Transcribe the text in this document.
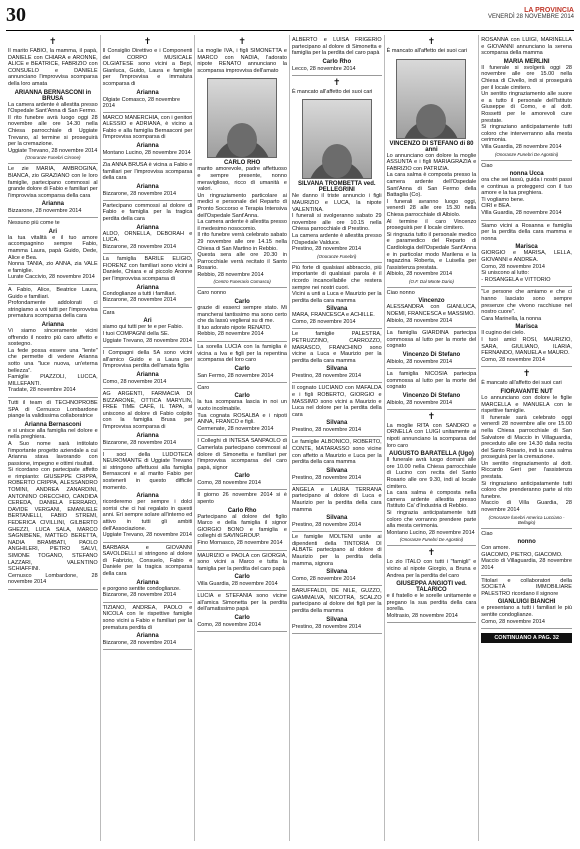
30	LA PROVINCIA
VENERDÌ 28 NOVEMBRE 2014
✝

Il marito FABIO, la mamma, il papà, DANIELE con CHIARA e ARONNE, ALICE e BEATRICE, FABRIZIO con CONSUELO e DANIELE annunciano l'improvvisa scomparsa della loro amata

ARIANNA BERNASCONI in BRUSA

La camera ardente è allestita presso l'Ospedale Sant'Anna di San Fermo.
Il rito funebre avrà luogo oggi 28 novembre alle ore 14.30 nella Chiesa parrocchiale di Uggiate Trevano, al termine si proseguirà per la cremazione.
Uggiate Trevano, 28 novembre 2014

(Onoranze Funebri Cirrone)

Le zie MARIA, AMBROGINA, BIANCA, zio GRAZIANO con le loro famiglie, partecipano commossi al grande dolore di Fabio e familiari per l'improvvisa scomparsa della cara

Arianna
Bizzarone, 28 novembre 2014

Nessuno più come te

Ari

la tua vitalità e il tuo amore accompagnino sempre Fabio, mamma Laura, papà Guido, Dede, Alice e Bea.
Nonna TANIA, zio ANNA, zia VALE e famiglie.
Lurate Caccivio, 28 novembre 2014

A Fabio, Alice, Beatrice Laura, Guido e familiari.
Profondamente addolorati ci stringiamo a voi tutti per l'improvvisa prematura scomparsa della cara

Arianna

Vi siamo sinceramente vicini offrendo il nostro più caro affetto e sostegno.
La fede possa essere una "lente" che permette di vedere Arianna sotto una "luce nuova, un'eterna bellezza".
Famiglie PIAZZOLI, LUCCA, MILLEFANTI.
Tradate, 28 novembre 2014

Tutti il team di TECHNOPROBE SPA di Cernusco Lombardone piange la validissima collaboratrice

Arianna Bernasconi

e si unisce alla famiglia nel dolore e nella preghiera.
A Suo nome sarà intitolato l'importante progetto aziendale a cui Arianna stava lavorando con passione, impegno e ottimi risultati.
Si ricordano con partecipate affetto e rimpianto: GIUSEPPE CRIPPA, ROBERTO CRIPPA, ALESSANDRO TOMINI, ANDREA ZANARDINI, ANTONINO ORECCHIO, CANDIDA CEREDA, DANIELA FERRARO, DAVIDE VERGANI, EMANUELE BERTANELLI, FABIO STREMI, FEDERICA CIVILLINI, GILBERTO GHEZZI, LUCA SALA, MARCO SAGNIBENE, MATTEO BERETTA, NADIA BRAMBATI, PAOLO ANGHILERI, PIETRO SALVI, SIMONE TOGANO, STEFANO LAZZARI, VALENTINO SCHIAFFINI.
Cernusco Lombardone, 28 novembre 2014

✝

Il Consiglio Direttivo e i Componenti del CORPO MUSICALE OLGIATESE sono vicini a Bepi, Gianluca, Guido, Laura e famiglie per l'improvvisa e immatura scomparsa di

Arianna
Olgiate Comasco, 28 novembre 2014

MARCO MANERCHIA, con i genitori ALESSIO e ADRIANA, è vicino a Fabio e alla famiglia Bernasconi per l'improvvisa scomparsa di

Arianna
Montano Lucino, 28 novembre 2014

Zia ANNA BRUSA è vicina a Fabio e familiari per l'improvvisa scomparsa della cara

Arianna
Bizzarone, 28 novembre 2014

Partecipano commossi al dolore di Fabio e famiglia per la tragica perdita della cara

Arianna

ALDO, ORNELLA, DEBORAH e LUCA.
Bizzarone, 28 novembre 2014

La famiglia BARILE ELIGIO, FIORENZ con familiari sono vicini a Daniele, Chiara e al piccolo Aronne per l'improvvisa scomparsa di

Arianna

Condoglianze a tutti i familiari.
Bizzarone, 28 novembre 2014

Cara

Ari

siamo qui tutti per te e per Fabio.
I tuoi COMPAGNI della SE.
Uggiate Trevano, 28 novembre 2014

I Compagni della 5A sono vicini all'amico Guido e a Laura per l'improvvisa perdita dell'amata figlia

Arianna
Como, 28 novembre 2014

AG ARGENTI, FARMACIA DI BIZZARONE, OTTICA MARYLIN, FREE TIME CAFÈ, IL TAPA, si uniscono al dolore di Fabio colpito con la famiglia Brusa per l'improvvisa scomparsa di

Arianna
Bizzarone, 28 novembre 2014

I soci della LUDOTECA NEUROMANTE di Uggiate Trevano si stringono affettuosi alla famiglia Bernasconi e al marito Fabio per sostenerli in questo difficile momento.

Arianna

ricorderemo per sempre i dolci sorrisi che ci hai regalato in questi anni. Eri sempre solare all'interno ed attivo in tutti gli ambiti dell'Associazione.
Uggiate Trevano, 28 novembre 2014

BARBARA e GIOVANNI SAVOLDELLI si stringono al dolore di Fabrizio, Consuelo, Fabio e Daniele per la tragica scomparsa della cara

Arianna

e porgono sentite condoglianze.
Bizzarone, 28 novembre 2014

TIZIANO, ANDREA, PAOLO e NICOLA con le rispettive famiglie sono vicini a Fabio e familiari per la prematura perdita di

Arianna
Bizzarone, 28 novembre 2014
✝

La moglie IVA, i figli SIMONETTA e MARCO con NADIA, l'adorato nipote RENATO annunciano la scomparsa improvvisa dell'amato

CARLO RHO

marito amorevole, padre affettuoso e sempre presente, nonno meraviglioso, ricco di umanità e valori.
Un ringraziamento particolare ai medici e personale del Reparto di Pronto Soccorso e Terapia Intensiva dell'Ospedale Sant'Anna.
La camera ardente è allestita presso il medesimo nosocomio.
Il rito funebre verrà celebrato sabato 29 novembre alle ore 14.15 nella Chiesa di San Martino in Rebbio.
Questa sera alle ore 20.30 in Parrocchiale verrà recitato il Santo Rosario.
Rebbio, 28 novembre 2014

(Centro Funerario Comasco)

Caro nonno

Carlo

grazie di esserci sempre stato. Mi mancherai tantissimo ma sono certo che da lassù veglierai su di me.
Il tuo adorato nipote RENATO.
Rebbio, 28 novembre 2014

La sorella LUCIA con la famiglia è vicina a Iva e figli per la repentina scomparsa del loro caro

Carlo
San Fermo, 28 novembre 2014

Caro

Carlo

la tua scomparsa lascia in noi un vuoto incolmabile.
Tua cognata ROSALBA e i nipoti ANNA, FRANCO e figli.
Cermenate, 28 novembre 2014

I Colleghi di INTESA SANPAOLO di Camerlata partecipano commossi al dolore di Simonetta e familiari per l'improvvisa scomparsa del caro papà, signor

Carlo
Como, 28 novembre 2014

Il giorno 26 novembre 2014 si è spento

Carlo Rho

Partecipano al dolore del figlio Marco e della famiglia il signor GIORGIO BONO e famiglia e colleghi di SAVINGROUP.
Fino Mornasco, 28 novembre 2014

MAURIZIO e PAOLA con GIORGIA, sono vicini a Marco e tutta la famiglia per la perdita del caro papà

Carlo
Villa Guardia, 28 novembre 2014

LUCIA e STEFANIA sono vicine all'amica Simonetta per la perdita dell'amatissimo papà

Carlo
Como, 28 novembre 2014

ALBERTO e LUISA FRIGERIO partecipano al dolore di Simonetta e famiglia per la perdita del caro papà

Carlo Rho
Lecco, 28 novembre 2014
✝

È mancato all'affetto dei suoi cari

SILVANA TROMBETTA ved. PELLEGRINI

Ne danno il triste annuncio i figli MAURIZIO e LUCA, la nipote VALENTINA.
I funerali si svolgeranno sabato 29 novembre alle ore 10.15 nella Chiesa parrocchiale di Prestino.
La camera ardente è allestita presso l'Ospedale Valduce.
Prestino, 28 novembre 2014

(Onoranze Funebri)

Più forte di qualsiasi abbraccio, più importante di qualsiasi parola è il ricordo incancellabile che restera sempre nei nostri cuori.
Vicini a unti a Luca e Maurizio per la perdita della cara mamma

Silvana

MARA, FRANCESCA e ACHILLE.
Como, 28 novembre 2014

Le famiglie PALESTRA, PETRUZZINO, CARROZZO, MARASCO, FRANCHINO sono vicine a Luca e Maurizio per la perdita della cara mamma

Silvana
Prestino, 28 novembre 2014

Il cognato LUCIANO con MAFALDA e i figli ROBERTO, GIORGIO e MASSIMO sono vicini a Maurizio e Luca nel dolore per la perdita della cara

Silvana
Prestino, 28 novembre 2014

Le famiglie ALBONICO, ROBERTO, CONTE, MATARASSO sono vicine con affetto a Maurizio e Luca per la perdita della cara mamma

Silvana
Prestino, 28 novembre 2014

ANGELA e LAURA TERRANA partecipano al dolore di Luca e Maurizio per la perdita della cara mamma

Silvana
Prestino, 28 novembre 2014

Le famiglie MOLTENI unite ai dipendenti della TINTORIA DI ALBATE partecipano al dolore di Maurizio per la perdita della mamma, signora

Silvana
Como, 28 novembre 2014

BARUFFALDI, DE NILE, GUZZO, GIAMMALVA, NICOTRA, SCALZO partecipano al dolore dei figli per la perdita della mamma

Silvana
Prestino, 28 novembre 2014
✝

È mancato all'affetto dei suoi cari

VINCENZO DI STEFANO di 80 anni

Lo annunciano con dolore la moglie ASSUNTA e i figli MARIAGRAZIA e FABRIZIO con PATRIZIA.
La cara salma è composta presso la camera ardente dell'Ospedale Sant'Anna di San Fermo della Battaglia (Co).
I funerali avranno luogo oggi, venerdì 28 alle ore 15.30 nella Chiesa parrocchiale di Albiolo.
Al termine il caro Vincenzo proseguirà per il locale cimitero.
Si ringrazia tutto il personale medico e paramedico del Reparto di Cardiologia dell'Ospedale Sant'Anna e in particolar modo Marilena e la ragazzina Roberta, e Luisella per l'assistenza prestata.
Albiolo, 28 novembre 2014

(O.F. Dal Monte Dario)

Ciao nonno

Vincenzo

ALESSANDRA con GIANLUCA, NOEMI, FRANCESCA e MASSIMO.
Albiolo, 28 novembre 2014

La famiglia GIARDINA partecipa commossa al lutto per la morte del cognato

Vincenzo Di Stefano
Albiolo, 28 novembre 2014

La famiglia NICOSIA partecipa commossa al lutto per la morte del cognato

Vincenzo Di Stefano
Albiolo, 28 novembre 2014
✝

La moglie RITA con SANDRO e ORNELLA con LUIGI unitamente ai nipoti annunciano la scomparsa del loro caro

AUGUSTO BARATELLA (Ugo)

Il funerale avrà luogo domani alle ore 10.00 nella Chiesa parrocchiale di Lucino con recita del Santo Rosario alle ore 9.30, indi al locale cimitero.
La cara salma è composta nella camera ardente allestita presso l'Istituto Ca' d'Industria di Rebbio.
Si ringrazia anticipatamente tutti coloro che vorranno prendere parte alla mesta cerimonia.
Montano Lucino, 28 novembre 2014

(Onoranze Funebri De Agostini)
✝

Lo zio ITALO con tutti i "famigli" e vicino al nipote Giorgio, a Bruna e Andrea per la perdita del caro

GIUSEPPA ANGIOTI ved. TALARICO

e il fratello e le sorelle unitamente e pregano la sua perdita della cara sorella.
Moltrasio, 28 novembre 2014

ROSANNA con LUIGI, MARINELLA e GIOVANNI annunciano la serena scomparsa della mamma

MARIA MERLINI

Il funerale si svolgerà oggi 28 novembre alle ore 15.00 nella Chiesa di Civello, indi si proseguirà per il locale cimitero.
Un sentito ringraziamento alle suore e a tutto il personale dell'Istituto Giuseppe di Como, e al dott. Rossetti per le amorevoli cure prestate.
Si ringraziano anticipatamente tutti coloro che interverranno alla mesta cerimonia.
Villa Guardia, 28 novembre 2014

(Onoranze Funebri De Agostini)

Ciao

nonna Ucca

ora che sei lassù, guida i nostri passi e continua a proteggerci con il tuo amore e la tua preghiera.
Ti vogliamo bene.
CIRI e BEA.
Villa Guardia, 28 novembre 2014

Siamo vicini a Rosanna e famiglia per la perdita della cara mamma e nonna

Marisca

GIORGIO e MARISA, LELLA, GIOVANNI e ANDREA.
Como, 28 novembre 2014
Si uniscono al lutto:
- ROSANGELA e VITTORIO

"Le persone che amiamo e che ci hanno lasciato sono sempre presenze che vivono racchiuse nel nostro cuore".
Cara Marinella, la nonna

Marisca

Il cugino dei cielo.
I tuoi amici ROSI, MAURIZIO, SARA, GIULIANO, ILARIA, FERNANDO, MANUELA e MAURO.
Como, 28 novembre 2014

✝

È mancato all'affetto dei suoi cari

FIORAVANTE NUT

Lo annunciano con dolore le figlie MARCELLA e MANUELA con le rispettive famiglie.
Il funerale sarà celebrato oggi venerdì 28 novembre alle ore 15.00 nella Chiesa parrocchiale di San Salvatore di Maccio in Villaguardia, preceduto alle ore 14.30 dalla recita del Santo Rosario, indi la cara salma proseguirà per la cremazione.
Un sentito ringraziamento al dott. Riccardo Geri per l'assistenza prestata.
Si ringraziano anticipatamente tutti coloro che prenderanno parte al rito funebre.
Maccio di Villa Guardia, 28 novembre 2014

(Onoranze funebri America Lucciano - Bellagio)

Ciao

nonno

Con amore.
GIACOMO, PIETRO, GIACOMO.
Maccio di Villaguardia, 28 novembre 2014

Titolari e collaboratori della SOCIETÀ IMMOBILIARE PALESTRO ricordano il signore

GIANLUIGI BIANCHI

e presentano a tutti i familiari le più sentite condoglianze.
Como, 28 novembre 2014

CONTINUANO A PAG. 32
